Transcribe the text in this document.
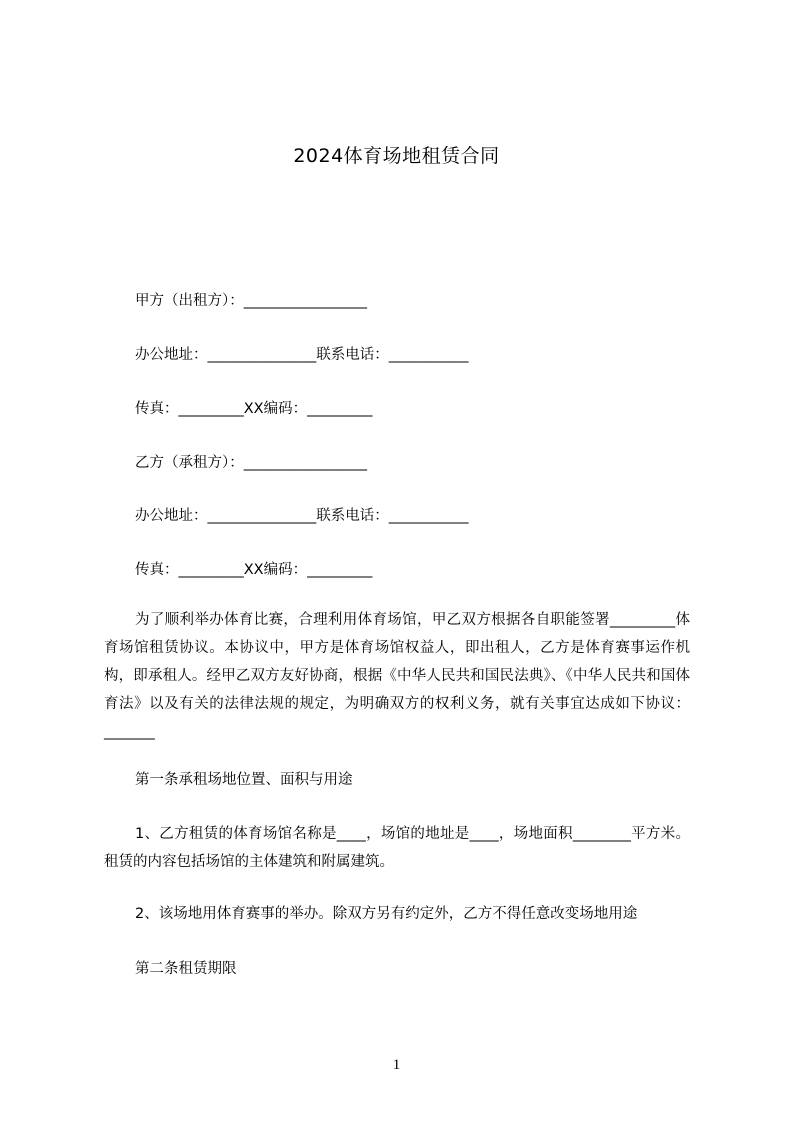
2024体育场地租赁合同
甲方（出租方）：_________________
办公地址：_______________联系电话：___________
传真：_________XX编码：_________
乙方（承租方）：_________________
办公地址：_______________联系电话：___________
传真：_________XX编码：_________

为了顺利举办体育比赛，合理利用体育场馆，甲乙双方根据各自职能签署_________体育场馆租赁协议。本协议中，甲方是体育场馆权益人，即出租人，乙方是体育赛事运作机构，即承租人。经甲乙双方友好协商，根据《中华人民共和国民法典》、《中华人民共和国体育法》以及有关的法律法规的规定，为明确双方的权利义务，就有关事宜达成如下协议：_______

第一条承租场地位置、面积与用途

1、乙方租赁的体育场馆名称是____，场馆的地址是____，场地面积________平方米。租赁的内容包括场馆的主体建筑和附属建筑。

2、该场地用体育赛事的举办。除双方另有约定外，乙方不得任意改变场地用途
第二条租赁期限
1
